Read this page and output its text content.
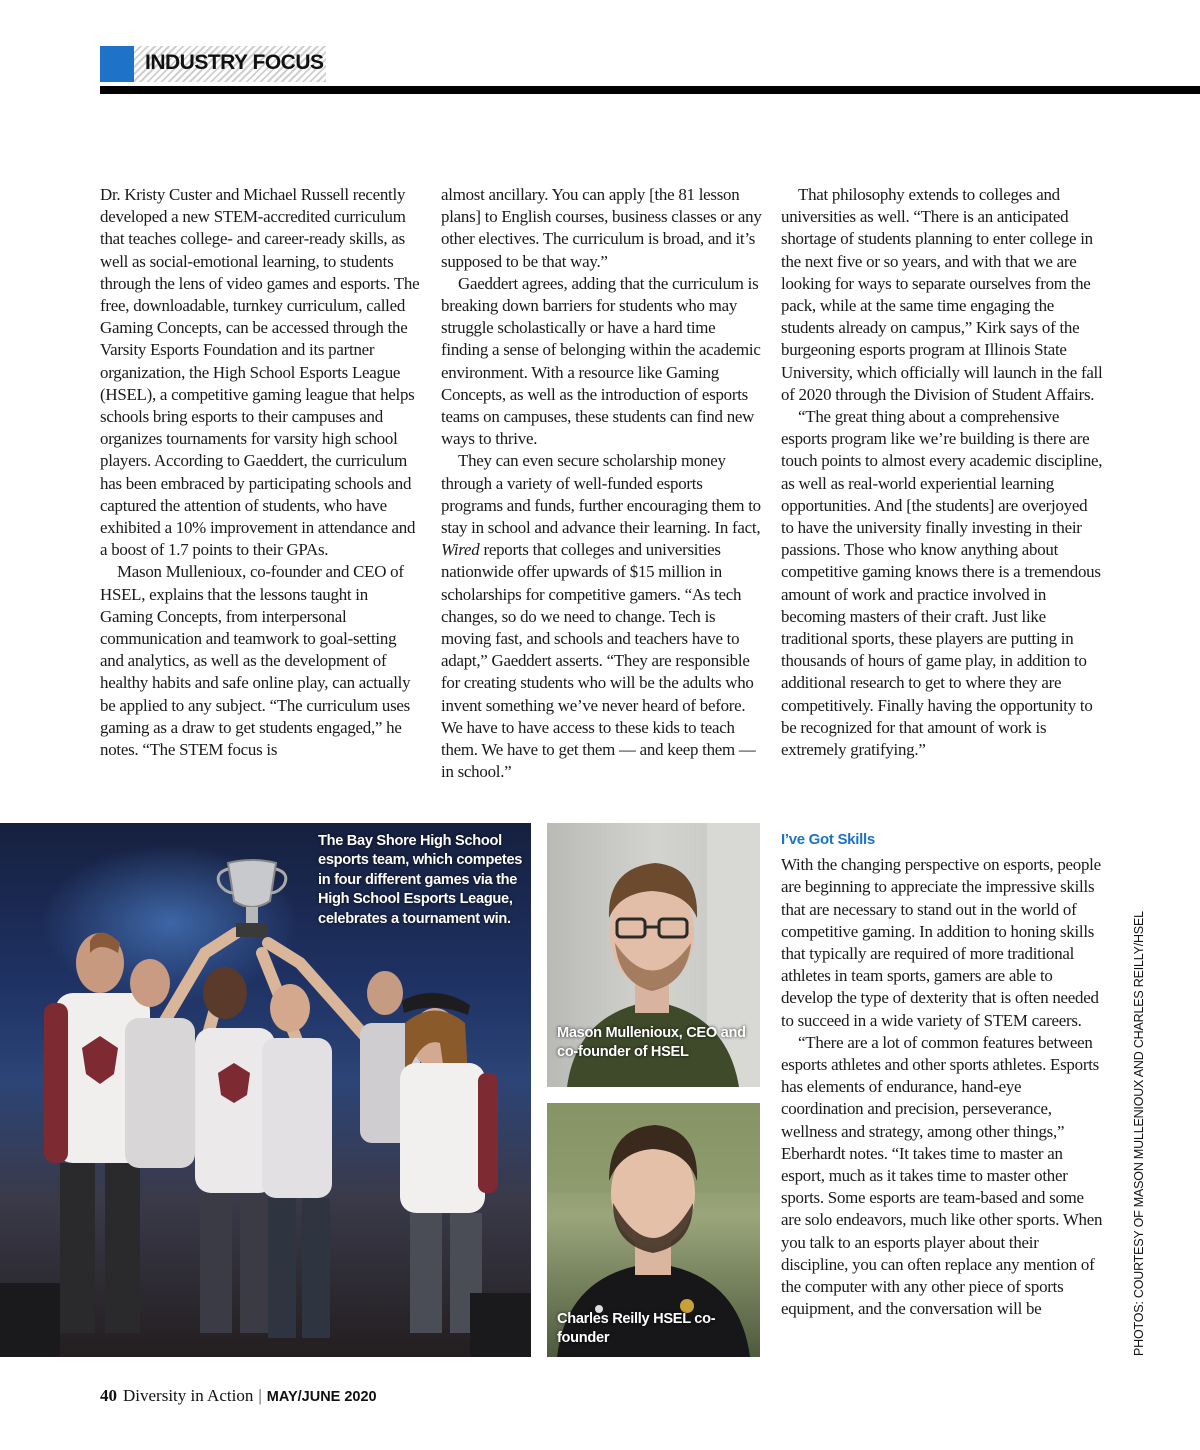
INDUSTRY FOCUS

Dr. Kristy Custer and Michael Russell recently developed a new STEM-accredited curriculum that teaches college- and career-ready skills, as well as social-emotional learning, to students through the lens of video games and esports. The free, downloadable, turnkey curriculum, called Gaming Concepts, can be accessed through the Varsity Esports Foundation and its partner organization, the High School Esports League (HSEL), a competitive gaming league that helps schools bring esports to their campuses and organizes tournaments for varsity high school players. According to Gaeddert, the curriculum has been embraced by participating schools and captured the attention of students, who have exhibited a 10% improvement in attendance and a boost of 1.7 points to their GPAs.

Mason Mullenioux, co-founder and CEO of HSEL, explains that the lessons taught in Gaming Concepts, from interpersonal communication and teamwork to goal-setting and analytics, as well as the development of healthy habits and safe online play, can actually be applied to any subject. “The curriculum uses gaming as a draw to get students engaged,” he notes. “The STEM focus is

almost ancillary. You can apply [the 81 lesson plans] to English courses, business classes or any other electives. The curriculum is broad, and it’s supposed to be that way.”

Gaeddert agrees, adding that the curriculum is breaking down barriers for students who may struggle scholastically or have a hard time finding a sense of belonging within the academic environment. With a resource like Gaming Concepts, as well as the introduction of esports teams on campuses, these students can find new ways to thrive.

They can even secure scholarship money through a variety of well-funded esports programs and funds, further encouraging them to stay in school and advance their learning. In fact, Wired reports that colleges and universities nationwide offer upwards of $15 million in scholarships for competitive gamers. “As tech changes, so do we need to change. Tech is moving fast, and schools and teachers have to adapt,” Gaeddert asserts. “They are responsible for creating students who will be the adults who invent something we’ve never heard of before. We have to have access to these kids to teach them. We have to get them — and keep them — in school.”

That philosophy extends to colleges and universities as well. “There is an anticipated shortage of students planning to enter college in the next five or so years, and with that we are looking for ways to separate ourselves from the pack, while at the same time engaging the students already on campus,” Kirk says of the burgeoning esports program at Illinois State University, which officially will launch in the fall of 2020 through the Division of Student Affairs.

“The great thing about a comprehensive esports program like we’re building is there are touch points to almost every academic discipline, as well as real-world experiential learning opportunities. And [the students] are overjoyed to have the university finally investing in their passions. Those who know anything about competitive gaming knows there is a tremendous amount of work and practice involved in becoming masters of their craft. Just like traditional sports, these players are putting in thousands of hours of game play, in addition to additional research to get to where they are competitively. Finally having the opportunity to be recognized for that amount of work is extremely gratifying.”

I’ve Got Skills

With the changing perspective on esports, people are beginning to appreciate the impressive skills that are necessary to stand out in the world of competitive gaming. In addition to honing skills that typically are required of more traditional athletes in team sports, gamers are able to develop the type of dexterity that is often needed to succeed in a wide variety of STEM careers.

“There are a lot of common features between esports athletes and other sports athletes. Esports has elements of endurance, hand-eye coordination and precision, perseverance, wellness and strategy, among other things,” Eberhardt notes. “It takes time to master an esport, much as it takes time to master other sports. Some esports are team-based and some are solo endeavors, much like other sports. When you talk to an esports player about their discipline, you can often replace any mention of the computer with any other piece of sports equipment, and the conversation will be

The Bay Shore High School esports team, which competes in four different games via the High School Esports League, celebrates a tournament win.
Mason Mullenioux, CEO and co-founder of HSEL
Charles Reilly HSEL co-founder	PHOTOS: COURTESY OF MASON MULLENIOUX AND CHARLES REILLY/HSEL
40 Diversity in Action | MAY/JUNE 2020
